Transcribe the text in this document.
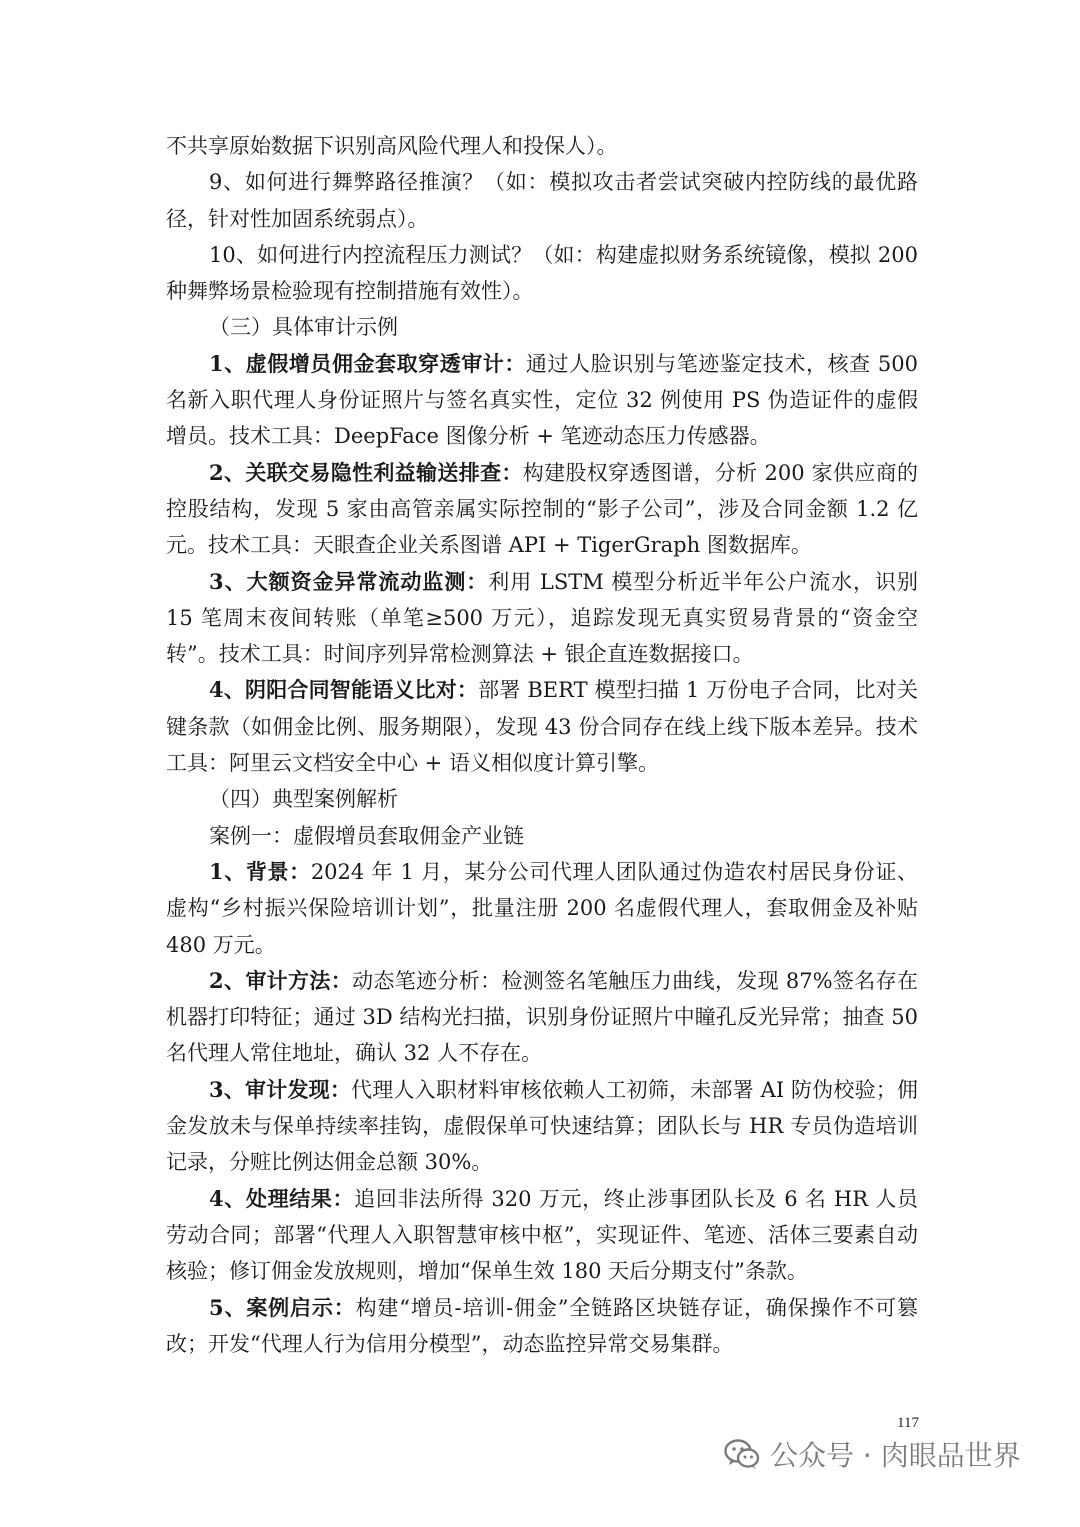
不共享原始数据下识别高风险代理人和投保人）。

9、如何进行舞弊路径推演？（如：模拟攻击者尝试突破内控防线的最优路径，针对性加固系统弱点）。

10、如何进行内控流程压力测试？（如：构建虚拟财务系统镜像，模拟 200 种舞弊场景检验现有控制措施有效性）。

（三）具体审计示例

1、虚假增员佣金套取穿透审计：通过人脸识别与笔迹鉴定技术，核查 500 名新入职代理人身份证照片与签名真实性，定位 32 例使用 PS 伪造证件的虚假增员。技术工具：DeepFace 图像分析 + 笔迹动态压力传感器。

2、关联交易隐性利益输送排查：构建股权穿透图谱，分析 200 家供应商的控股结构，发现 5 家由高管亲属实际控制的“影子公司”，涉及合同金额 1.2 亿元。技术工具：天眼查企业关系图谱 API + TigerGraph 图数据库。

3、大额资金异常流动监测：利用 LSTM 模型分析近半年公户流水，识别 15 笔周末夜间转账（单笔≥500 万元），追踪发现无真实贸易背景的“资金空转”。技术工具：时间序列异常检测算法 + 银企直连数据接口。

4、阴阳合同智能语义比对：部署 BERT 模型扫描 1 万份电子合同，比对关键条款（如佣金比例、服务期限），发现 43 份合同存在线上线下版本差异。技术工具：阿里云文档安全中心 + 语义相似度计算引擎。

（四）典型案例解析

案例一：虚假增员套取佣金产业链

1、背景：2024 年 1 月，某分公司代理人团队通过伪造农村居民身份证、虚构“乡村振兴保险培训计划”，批量注册 200 名虚假代理人，套取佣金及补贴 480 万元。

2、审计方法：动态笔迹分析：检测签名笔触压力曲线，发现 87%签名存在机器打印特征；通过 3D 结构光扫描，识别身份证照片中瞳孔反光异常；抽查 50 名代理人常住地址，确认 32 人不存在。

3、审计发现：代理人入职材料审核依赖人工初筛，未部署 AI 防伪校验；佣金发放未与保单持续率挂钩，虚假保单可快速结算；团队长与 HR 专员伪造培训记录，分赃比例达佣金总额 30%。

4、处理结果：追回非法所得 320 万元，终止涉事团队长及 6 名 HR 人员劳动合同；部署“代理人入职智慧审核中枢”，实现证件、笔迹、活体三要素自动核验；修订佣金发放规则，增加“保单生效 180 天后分期支付”条款。

5、案例启示：构建“增员-培训-佣金”全链路区块链存证，确保操作不可篡改；开发“代理人行为信用分模型”，动态监控异常交易集群。

117
公众号 · 肉眼品世界
